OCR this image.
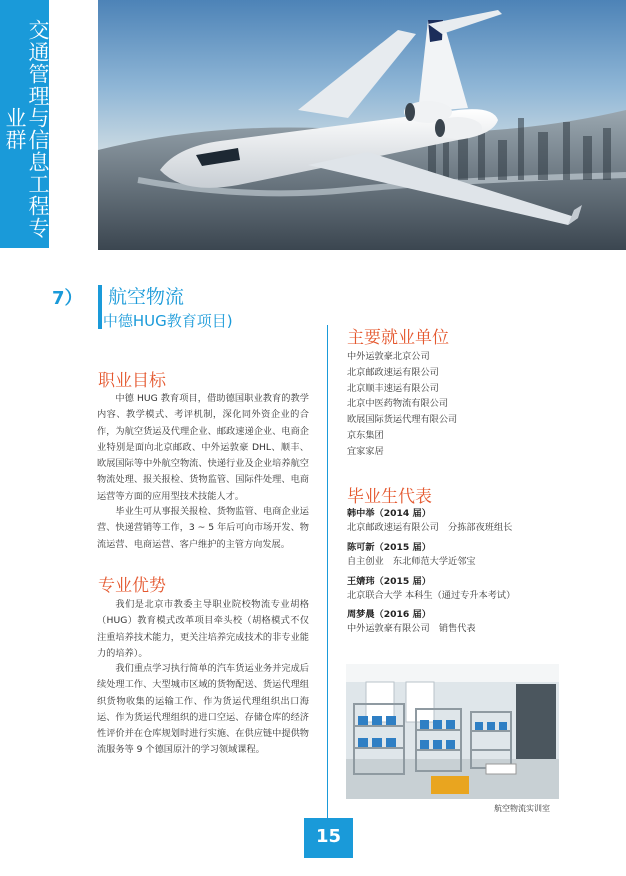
交通管理与信息工程专业群
7） 航空物流
(中德HUG教育项目)
职业目标

中德 HUG 教育项目，借助德国职业教育的教学内容、教学模式、考评机制，深化同外资企业的合作，为航空货运及代理企业、邮政速递企业、电商企业特别是面向北京邮政、中外运敦豪 DHL、顺丰、欧展国际等中外航空物流、快递行业及企业培养航空物流处理、报关报检、货物监管、国际件处理、电商运营等方面的应用型技术技能人才。

毕业生可从事报关报检、货物监管、电商企业运营、快递营销等工作，3 ~ 5 年后可向市场开发、物流运营、电商运营、客户维护的主管方向发展。

专业优势

我们是北京市教委主导职业院校物流专业胡格（HUG）教育模式改革项目牵头校（胡格模式不仅注重培养技术能力，更关注培养完成技术的非专业能力的培养）。

我们重点学习执行简单的汽车货运业务并完成后续处理工作、大型城市区域的货物配送、货运代理组织货物收集的运输工作、作为货运代理组织出口海运、作为货运代理组织的进口空运、存储仓库的经济性评价并在仓库规划时进行实施、在供应链中提供物流服务等 9 个德国原汁的学习领域课程。

主要就业单位
中外运敦豪北京公司
北京邮政速运有限公司
北京顺丰速运有限公司
北京中医药物流有限公司
欧展国际货运代理有限公司
京东集团
宜家家居
毕业生代表
韩中举（2014 届）
北京邮政速运有限公司　分拣部夜班组长
陈可新（2015 届）
自主创业　东北师范大学近邻宝
王婧玮（2015 届）
北京联合大学 本科生（通过专升本考试）
周梦晨（2016 届）
中外运敦豪有限公司　销售代表
航空物流实训室
15
